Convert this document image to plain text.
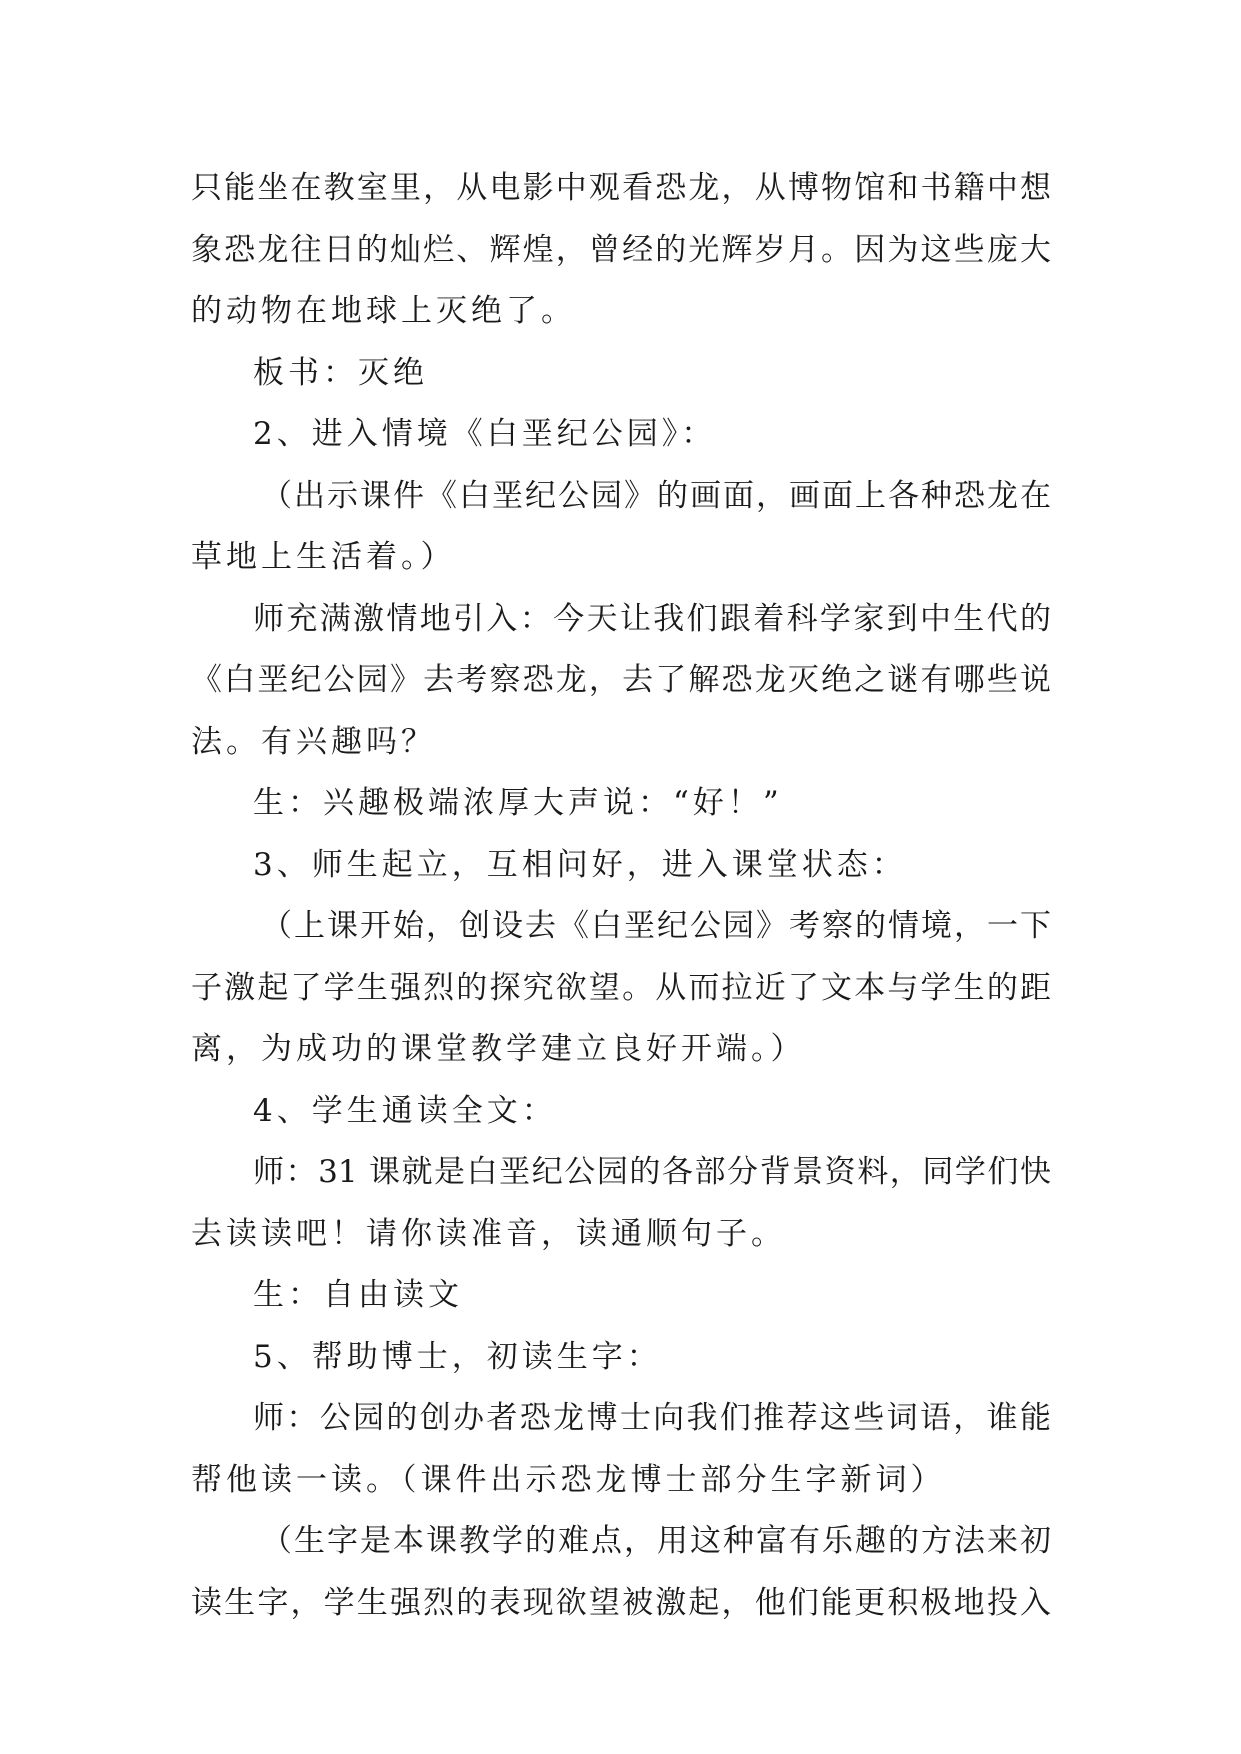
只能坐在教室里，从电影中观看恐龙，从博物馆和书籍中想
象恐龙往日的灿烂、辉煌，曾经的光辉岁月。因为这些庞大
的动物在地球上灭绝了。
板书：灭绝
2、进入情境《白垩纪公园》：
（出示课件《白垩纪公园》的画面，画面上各种恐龙在
草地上生活着。）
师充满激情地引入：今天让我们跟着科学家到中生代的
《白垩纪公园》去考察恐龙，去了解恐龙灭绝之谜有哪些说
法。有兴趣吗？
生：兴趣极端浓厚大声说：“好！”
3、师生起立，互相问好，进入课堂状态：
（上课开始，创设去《白垩纪公园》考察的情境，一下
子激起了学生强烈的探究欲望。从而拉近了文本与学生的距
离，为成功的课堂教学建立良好开端。）
4、学生通读全文：
师：31 课就是白垩纪公园的各部分背景资料，同学们快
去读读吧！请你读准音，读通顺句子。
生：自由读文
5、帮助博士，初读生字：
师：公园的创办者恐龙博士向我们推荐这些词语，谁能
帮他读一读。（课件出示恐龙博士部分生字新词）
（生字是本课教学的难点，用这种富有乐趣的方法来初
读生字，学生强烈的表现欲望被激起，他们能更积极地投入
